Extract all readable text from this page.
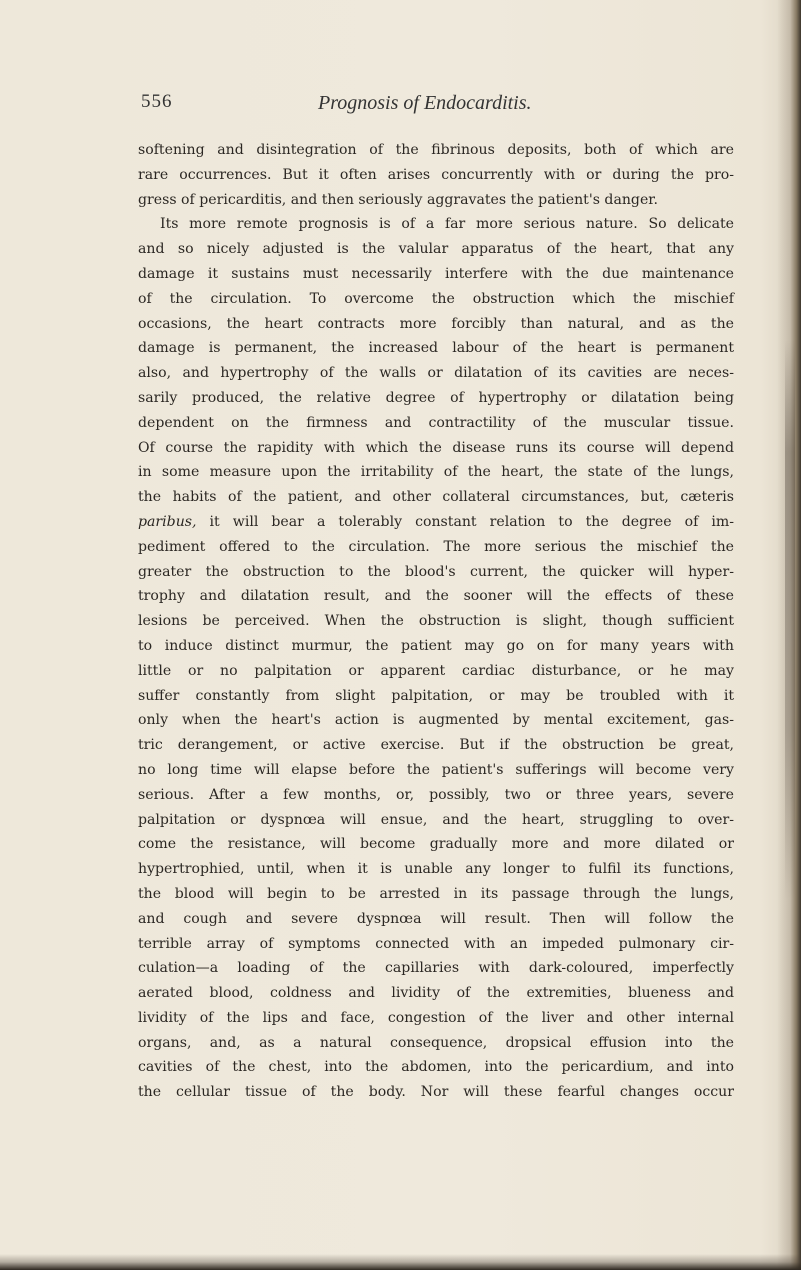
556	Prognosis of Endocarditis.
softening and disintegration of the fibrinous deposits, both of which are
rare occurrences. But it often arises concurrently with or during the pro-
gress of pericarditis, and then seriously aggravates the patient's danger.
Its more remote prognosis is of a far more serious nature. So delicate
and so nicely adjusted is the valular apparatus of the heart, that any
damage it sustains must necessarily interfere with the due maintenance
of the circulation. To overcome the obstruction which the mischief
occasions, the heart contracts more forcibly than natural, and as the
damage is permanent, the increased labour of the heart is permanent
also, and hypertrophy of the walls or dilatation of its cavities are neces-
sarily produced, the relative degree of hypertrophy or dilatation being
dependent on the firmness and contractility of the muscular tissue.
Of course the rapidity with which the disease runs its course will depend
in some measure upon the irritability of the heart, the state of the lungs,
the habits of the patient, and other collateral circumstances, but, cæteris
paribus, it will bear a tolerably constant relation to the degree of im-
pediment offered to the circulation. The more serious the mischief the
greater the obstruction to the blood's current, the quicker will hyper-
trophy and dilatation result, and the sooner will the effects of these
lesions be perceived. When the obstruction is slight, though sufficient
to induce distinct murmur, the patient may go on for many years with
little or no palpitation or apparent cardiac disturbance, or he may
suffer constantly from slight palpitation, or may be troubled with it
only when the heart's action is augmented by mental excitement, gas-
tric derangement, or active exercise. But if the obstruction be great,
no long time will elapse before the patient's sufferings will become very
serious. After a few months, or, possibly, two or three years, severe
palpitation or dyspnœa will ensue, and the heart, struggling to over-
come the resistance, will become gradually more and more dilated or
hypertrophied, until, when it is unable any longer to fulfil its functions,
the blood will begin to be arrested in its passage through the lungs,
and cough and severe dyspnœa will result. Then will follow the
terrible array of symptoms connected with an impeded pulmonary cir-
culation—a loading of the capillaries with dark-coloured, imperfectly
aerated blood, coldness and lividity of the extremities, blueness and
lividity of the lips and face, congestion of the liver and other internal
organs, and, as a natural consequence, dropsical effusion into the
cavities of the chest, into the abdomen, into the pericardium, and into
the cellular tissue of the body. Nor will these fearful changes occur
